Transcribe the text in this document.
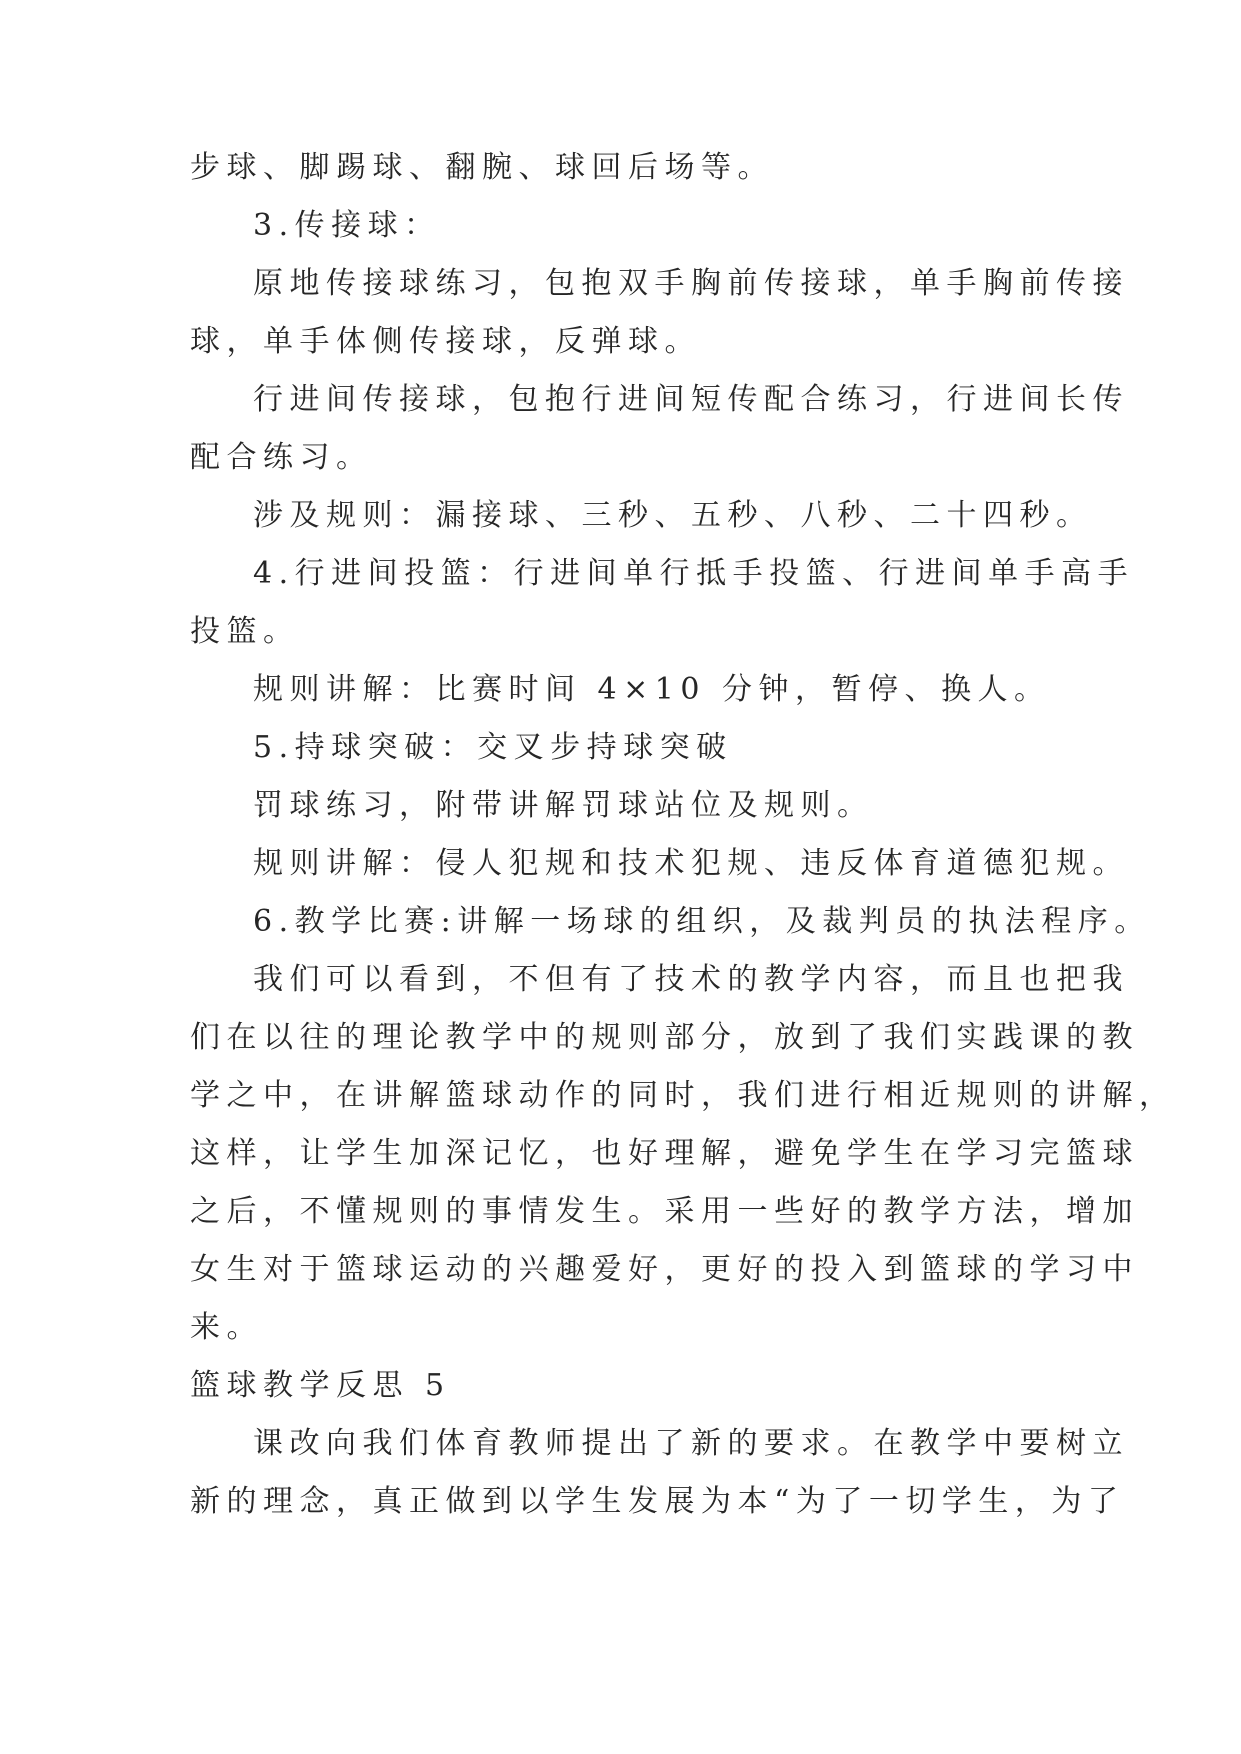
步球、脚踢球、翻腕、球回后场等。
3.传接球：
原地传接球练习，包抱双手胸前传接球，单手胸前传接
球，单手体侧传接球，反弹球。
行进间传接球，包抱行进间短传配合练习，行进间长传
配合练习。
涉及规则：漏接球、三秒、五秒、八秒、二十四秒。
4.行进间投篮：行进间单行抵手投篮、行进间单手高手
投篮。
规则讲解：比赛时间 4×10 分钟，暂停、换人。
5.持球突破：交叉步持球突破
罚球练习，附带讲解罚球站位及规则。
规则讲解：侵人犯规和技术犯规、违反体育道德犯规。
6.教学比赛:讲解一场球的组织，及裁判员的执法程序。
我们可以看到，不但有了技术的教学内容，而且也把我
们在以往的理论教学中的规则部分，放到了我们实践课的教
学之中，在讲解篮球动作的同时，我们进行相近规则的讲解，
这样，让学生加深记忆，也好理解，避免学生在学习完篮球
之后，不懂规则的事情发生。采用一些好的教学方法，增加
女生对于篮球运动的兴趣爱好，更好的投入到篮球的学习中
来。
篮球教学反思 5
课改向我们体育教师提出了新的要求。在教学中要树立
新的理念，真正做到以学生发展为本“为了一切学生，为了
